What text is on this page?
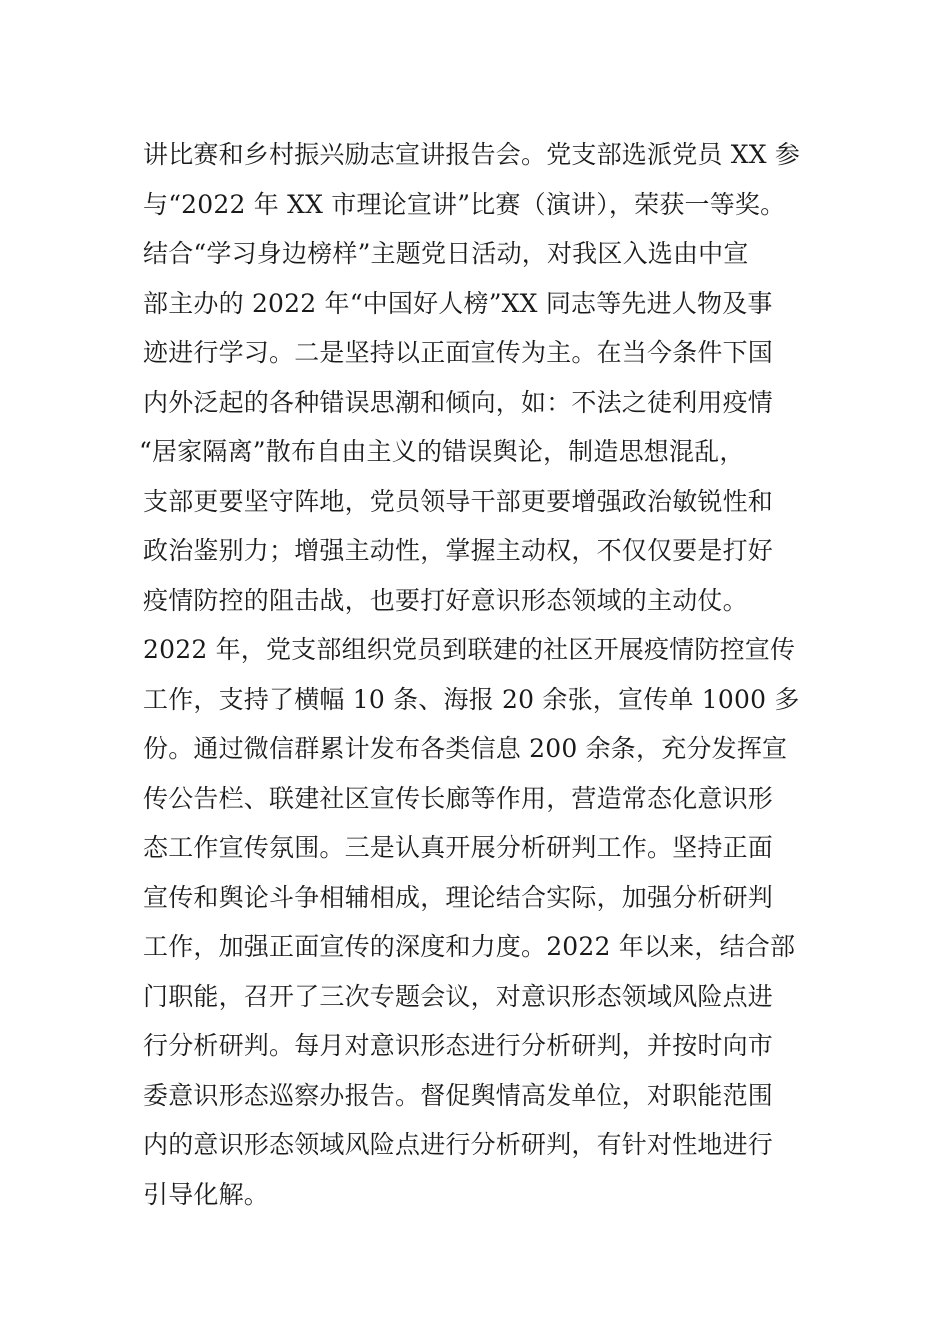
讲比赛和乡村振兴励志宣讲报告会。党支部选派党员 XX 参
与“2022 年 XX 市理论宣讲”比赛（演讲），荣获一等奖。
结合“学习身边榜样”主题党日活动，对我区入选由中宣
部主办的 2022 年“中国好人榜”XX 同志等先进人物及事
迹进行学习。二是坚持以正面宣传为主。在当今条件下国
内外泛起的各种错误思潮和倾向，如：不法之徒利用疫情
“居家隔离”散布自由主义的错误舆论，制造思想混乱，
支部更要坚守阵地，党员领导干部更要增强政治敏锐性和
政治鉴别力；增强主动性，掌握主动权，不仅仅要是打好
疫情防控的阻击战，也要打好意识形态领域的主动仗。
2022 年，党支部组织党员到联建的社区开展疫情防控宣传
工作，支持了横幅 10 条、海报 20 余张，宣传单 1000 多
份。通过微信群累计发布各类信息 200 余条，充分发挥宣
传公告栏、联建社区宣传长廊等作用，营造常态化意识形
态工作宣传氛围。三是认真开展分析研判工作。坚持正面
宣传和舆论斗争相辅相成，理论结合实际，加强分析研判
工作，加强正面宣传的深度和力度。2022 年以来，结合部
门职能，召开了三次专题会议，对意识形态领域风险点进
行分析研判。每月对意识形态进行分析研判，并按时向市
委意识形态巡察办报告。督促舆情高发单位，对职能范围
内的意识形态领域风险点进行分析研判，有针对性地进行
引导化解。
